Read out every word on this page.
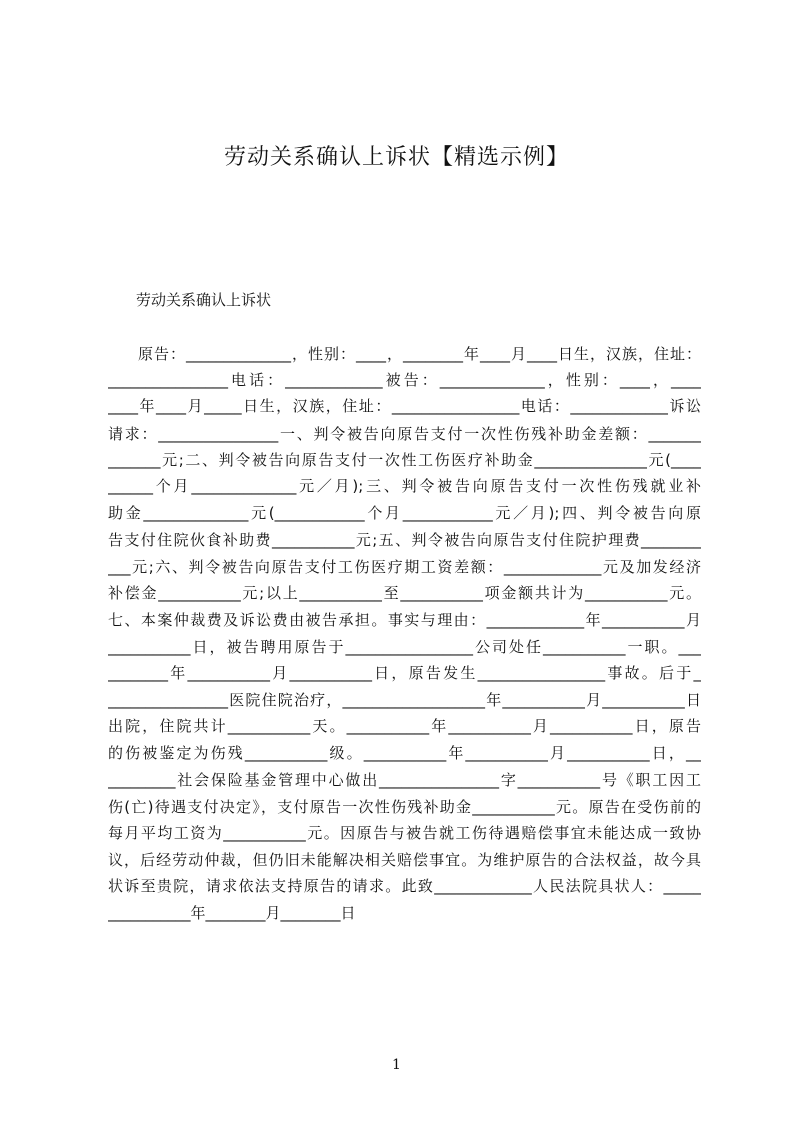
劳动关系确认上诉状【精选示例】

劳动关系确认上诉状

原告：______________，性别：____，________年____月____日生，汉族，住址：
________________电话：_____________被告：______________，性别：____，____
____年____月_____日生，汉族，住址：_________________电话：_____________诉讼
请求：________________一、判令被告向原告支付一次性伤残补助金差额：_______
_______元;二、判令被告向原告支付一次性工伤医疗补助金_______________元(____
______个月______________元／月);三、判令被告向原告支付一次性伤残就业补
助金______________元(____________个月____________元／月);四、判令被告向原
告支付住院伙食补助费___________元;五、判令被告向原告支付住院护理费________
___元;六、判令被告向原告支付工伤医疗期工资差额：_____________元及加发经济
补偿金___________元;以上___________至___________项金额共计为___________元。
七、本案仲裁费及诉讼费由被告承担。事实与理由：_____________年___________月
___________日，被告聘用原告于_________________公司处任___________一职。___
________年___________月___________日，原告发生_________________事故。后于_
________________医院住院治疗，___________________年___________月___________日
出院，住院共计___________天。___________年___________月___________日，原告
的伤被鉴定为伤残___________级。___________年___________月___________日，__
_________社会保险基金管理中心做出________________字___________号《职工因工
伤(亡)待遇支付决定》，支付原告一次性伤残补助金___________元。原告在受伤前的
每月平均工资为___________元。因原告与被告就工伤待遇赔偿事宜未能达成一致协
议，后经劳动仲裁，但仍旧未能解决相关赔偿事宜。为维护原告的合法权益，故今具
状诉至贵院，请求依法支持原告的请求。此致_____________人民法院具状人：_____
___________年________月________日
1
